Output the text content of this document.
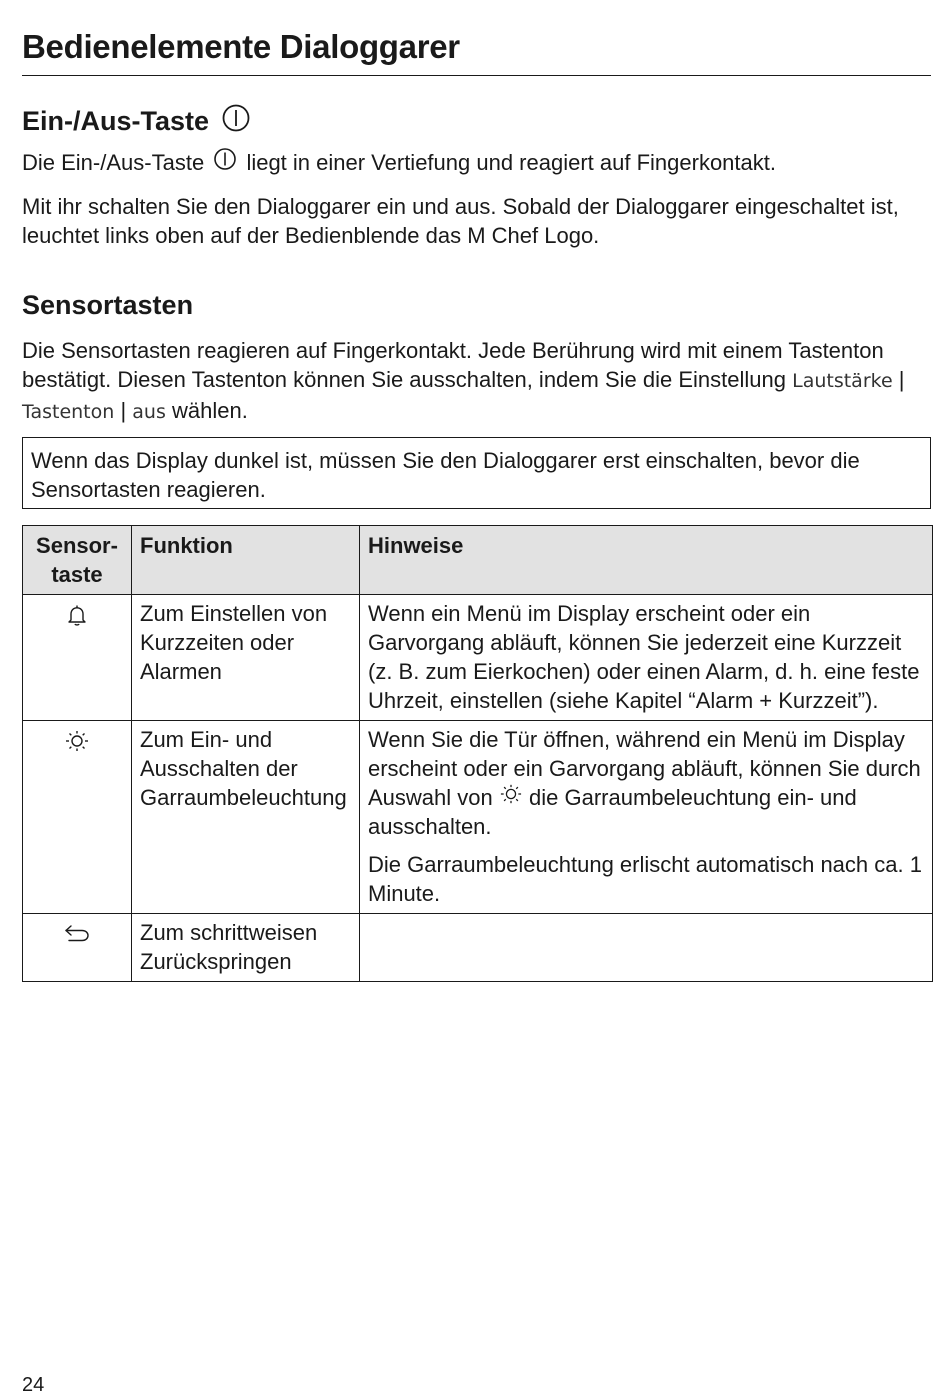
Bedienelemente Dialoggarer
Ein-/Aus-Taste

Die Ein-/Aus-Taste liegt in einer Vertiefung und reagiert auf Fingerkontakt.

Mit ihr schalten Sie den Dialoggarer ein und aus. Sobald der Dialoggarer eingeschaltet ist, leuchtet links oben auf der Bedienblende das M Chef Logo.

Sensortasten

Die Sensortasten reagieren auf Fingerkontakt. Jede Berührung wird mit einem Tastenton bestätigt. Diesen Tastenton können Sie ausschalten, indem Sie die Einstellung Lautstärke | Tastenton | aus wählen.

Wenn das Display dunkel ist, müssen Sie den Dialoggarer erst einschalten, bevor die Sensortasten reagieren.

Sensor-
taste	Funktion	Hinweise
	Zum Einstellen von Kurzzeiten oder Alarmen	Wenn ein Menü im Display erscheint oder ein Garvorgang abläuft, können Sie jederzeit eine Kurzzeit (z. B. zum Eierkochen) oder einen Alarm, d. h. eine feste Uhrzeit, einstellen (siehe Kapitel “Alarm + Kurzzeit”).

	Zum Ein- und Ausschalten der Garraumbeleuchtung	Wenn Sie die Tür öffnen, während ein Menü im Display erscheint oder ein Garvorgang abläuft, können Sie durch Auswahl von die Garraumbeleuchtung ein- und ausschalten.
Die Garraumbeleuchtung erlischt automatisch nach ca. 1 Minute.

	Zum schrittweisen Zurückspringen	
24
